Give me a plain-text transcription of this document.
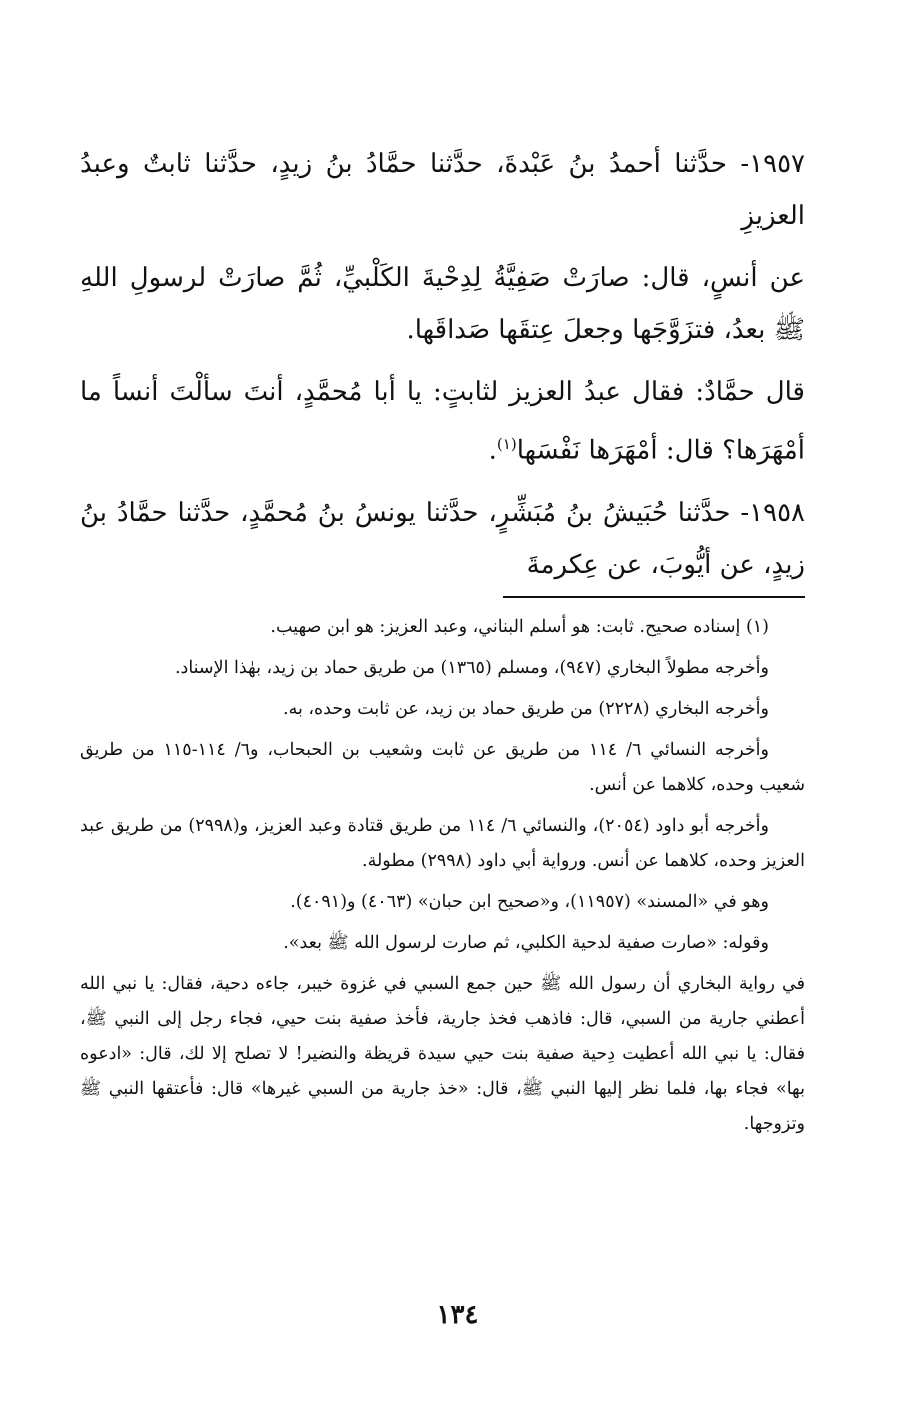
١٩٥٧- حدَّثنا أحمدُ بنُ عَبْدةَ، حدَّثنا حمَّادُ بنُ زيدٍ، حدَّثنا ثابتٌ وعبدُ العزيزِ

عن أنسٍ، قال: صارَتْ صَفِيَّةُ لِدِحْيةَ الكَلْبيِّ، ثُمَّ صارَتْ لرسولِ اللهِ ﷺ بعدُ، فتزَوَّجَها وجعلَ عِتقَها صَداقَها.

قال حمَّادٌ: فقال عبدُ العزيز لثابتٍ: يا أبا مُحمَّدٍ، أنتَ سألْتَ أنساً ما أمْهَرَها؟ قال: أمْهَرَها نَفْسَها$^{(١)}$.

١٩٥٨- حدَّثنا حُبَيشُ بنُ مُبَشِّرٍ، حدَّثنا يونسُ بنُ مُحمَّدٍ، حدَّثنا حمَّادُ بنُ زيدٍ، عن أيُّوبَ، عن عِكرمةَ

(١) إسناده صحيح. ثابت: هو أسلم البناني، وعبد العزيز: هو ابن صهيب.

وأخرجه مطولاً البخاري (٩٤٧)، ومسلم (١٣٦٥) من طريق حماد بن زيد، بهٰذا الإسناد.

وأخرجه البخاري (٢٢٢٨) من طريق حماد بن زيد، عن ثابت وحده، به.

وأخرجه النسائي ٦/ ١١٤ من طريق عن ثابت وشعيب بن الحبحاب، و٦/ ١١٤-١١٥ من طريق شعيب وحده، كلاهما عن أنس.

وأخرجه أبو داود (٢٠٥٤)، والنسائي ٦/ ١١٤ من طريق قتادة وعبد العزيز، و(٢٩٩٨) من طريق عبد العزيز وحده، كلاهما عن أنس. ورواية أبي داود (٢٩٩٨) مطولة.

وهو في «المسند» (١١٩٥٧)، و«صحيح ابن حبان» (٤٠٦٣) و(٤٠٩١).

وقوله: «صارت صفية لدحية الكلبي، ثم صارت لرسول الله ﷺ بعد».

في رواية البخاري أن رسول الله ﷺ حين جمع السبي في غزوة خيبر، جاءه دحية، فقال: يا نبي الله أعطني جارية من السبي، قال: فاذهب فخذ جارية، فأخذ صفية بنت حيي، فجاء رجل إلى النبي ﷺ، فقال: يا نبي الله أعطيت دِحية صفية بنت حيي سيدة قريظة والنضير! لا تصلح إلا لك، قال: «ادعوه بها» فجاء بها، فلما نظر إليها النبي ﷺ، قال: «خذ جارية من السبي غيرها» قال: فأعتقها النبي ﷺ وتزوجها.

١٣٤
